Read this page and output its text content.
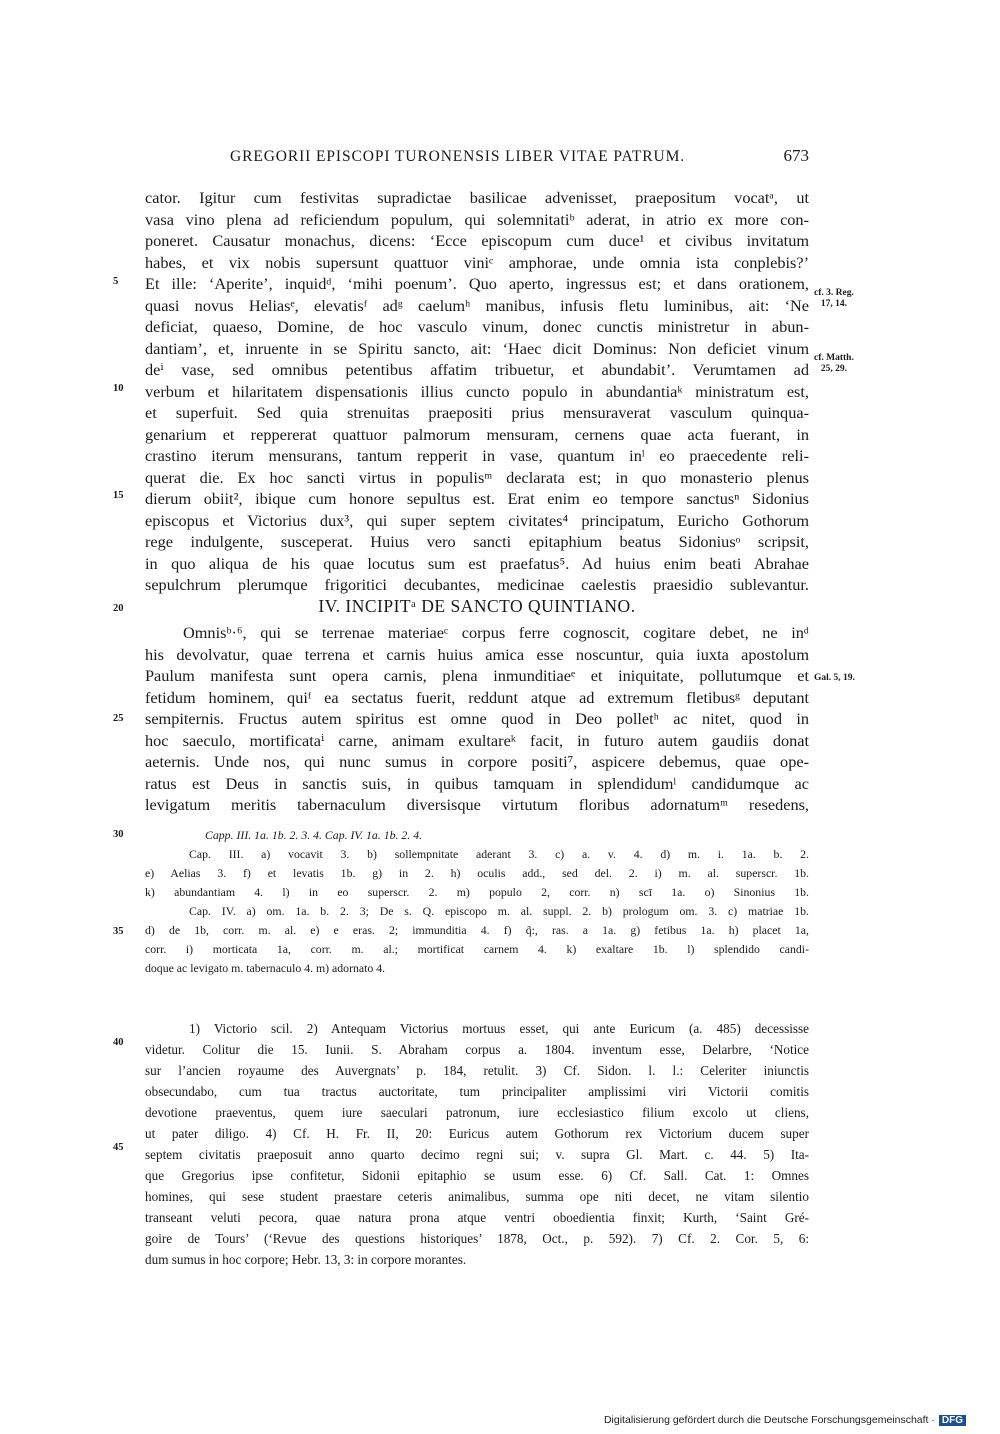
GREGORII EPISCOPI TURONENSIS LIBER VITAE PATRUM.	673
5
10
15
20
25
30
35
40
45
cf. 3. Reg.
17, 14.
cf. Matth.
25, 29.
Gal. 5, 19.
cator. Igitur cum festivitas supradictae basilicae advenisset, praepositum vocatᵃ, ut
vasa vino plena ad reficiendum populum, qui solemnitatiᵇ aderat, in atrio ex more con-
poneret. Causatur monachus, dicens: ‘Ecce episcopum cum duce¹ et civibus invitatum
habes, et vix nobis supersunt quattuor viniᶜ amphorae, unde omnia ista conplebis?’
Et ille: ‘Aperite’, inquidᵈ, ‘mihi poenum’. Quo aperto, ingressus est; et dans orationem,
quasi novus Heliasᵉ, elevatisᶠ adᵍ caelumʰ manibus, infusis fletu luminibus, ait: ‘Ne
deficiat, quaeso, Domine, de hoc vasculo vinum, donec cunctis ministretur in abun-
dantiam’, et, inruente in se Spiritu sancto, ait: ‘Haec dicit Dominus: Non deficiet vinum
deⁱ vase, sed omnibus petentibus affatim tribuetur, et abundabit’. Verumtamen ad
verbum et hilaritatem dispensationis illius cuncto populo in abundantiaᵏ ministratum est,
et superfuit. Sed quia strenuitas praepositi prius mensuraverat vasculum quinqua-
genarium et reppererat quattuor palmorum mensuram, cernens quae acta fuerant, in
crastino iterum mensurans, tantum repperit in vase, quantum inˡ eo praecedente reli-
querat die. Ex hoc sancti virtus in populisᵐ declarata est; in quo monasterio plenus
dierum obiit², ibique cum honore sepultus est. Erat enim eo tempore sanctusⁿ Sidonius
episcopus et Victorius dux³, qui super septem civitates⁴ principatum, Euricho Gothorum
rege indulgente, susceperat. Huius vero sancti epitaphium beatus Sidoniusᵒ scripsit,
in quo aliqua de his quae locutus sum est praefatus⁵. Ad huius enim beati Abrahae
sepulchrum plerumque frigoritici decubantes, medicinae caelestis praesidio sublevantur.
IV. INCIPITᵃ DE SANCTO QUINTIANO.
Omnisᵇ·⁶, qui se terrenae materiaeᶜ corpus ferre cognoscit, cogitare debet, ne inᵈ
his devolvatur, quae terrena et carnis huius amica esse noscuntur, quia iuxta apostolum
Paulum manifesta sunt opera carnis, plena inmunditiaeᵉ et iniquitate, pollutumque et
fetidum hominem, quiᶠ ea sectatus fuerit, reddunt atque ad extremum fletibusᵍ deputant
sempiternis. Fructus autem spiritus est omne quod in Deo polletʰ ac nitet, quod in
hoc saeculo, mortificataⁱ carne, animam exultareᵏ facit, in futuro autem gaudiis donat
aeternis. Unde nos, qui nunc sumus in corpore positi⁷, aspicere debemus, quae ope-
ratus est Deus in sanctis suis, in quibus tamquam in splendidumˡ candidumque ac
levigatum meritis tabernaculum diversisque virtutum floribus adornatumᵐ resedens,
Capp. III. 1a. 1b. 2. 3. 4. Cap. IV. 1a. 1b. 2. 4.
Cap. III. a) vocavit 3. b) sollempnitate aderant 3. c) a. v. 4. d) m. i. 1a. b. 2.
e) Aelias 3. f) et levatis 1b. g) in 2. h) oculis add., sed del. 2. i) m. al. superscr. 1b.
k) abundantiam 4. l) in eo superscr. 2. m) populo 2, corr. n) scī 1a. o) Sinonius 1b.
Cap. IV. a) om. 1a. b. 2. 3; De s. Q. episcopo m. al. suppl. 2. b) prologum om. 3. c) matriae 1b.
d) de 1b, corr. m. al. e) e eras. 2; immunditia 4. f) q̃:, ras. a 1a. g) fetibus 1a. h) placet 1a,
corr. i) morticata 1a, corr. m. al.; mortificat carnem 4. k) exaltare 1b. l) splendido candi-
doque ac levigato m. tabernaculo 4. m) adornato 4.
1) Victorio scil. 2) Antequam Victorius mortuus esset, qui ante Euricum (a. 485) decessisse
videtur. Colitur die 15. Iunii. S. Abraham corpus a. 1804. inventum esse, Delarbre, ‘Notice
sur l’ancien royaume des Auvergnats’ p. 184, retulit. 3) Cf. Sidon. l. l.: Celeriter iniunctis
obsecundabo, cum tua tractus auctoritate, tum principaliter amplissimi viri Victorii comitis
devotione praeventus, quem iure saeculari patronum, iure ecclesiastico filium excolo ut cliens,
ut pater diligo. 4) Cf. H. Fr. II, 20: Euricus autem Gothorum rex Victorium ducem super
septem civitatis praeposuit anno quarto decimo regni sui; v. supra Gl. Mart. c. 44. 5) Ita-
que Gregorius ipse confitetur, Sidonii epitaphio se usum esse. 6) Cf. Sall. Cat. 1: Omnes
homines, qui sese student praestare ceteris animalibus, summa ope niti decet, ne vitam silentio
transeant veluti pecora, quae natura prona atque ventri oboedientia finxit; Kurth, ‘Saint Gré-
goire de Tours’ (‘Revue des questions historiques’ 1878, Oct., p. 592). 7) Cf. 2. Cor. 5, 6:
dum sumus in hoc corpore; Hebr. 13, 3: in corpore morantes.
Digitalisierung gefördert durch die Deutsche Forschungsgemeinschaft · DFG
